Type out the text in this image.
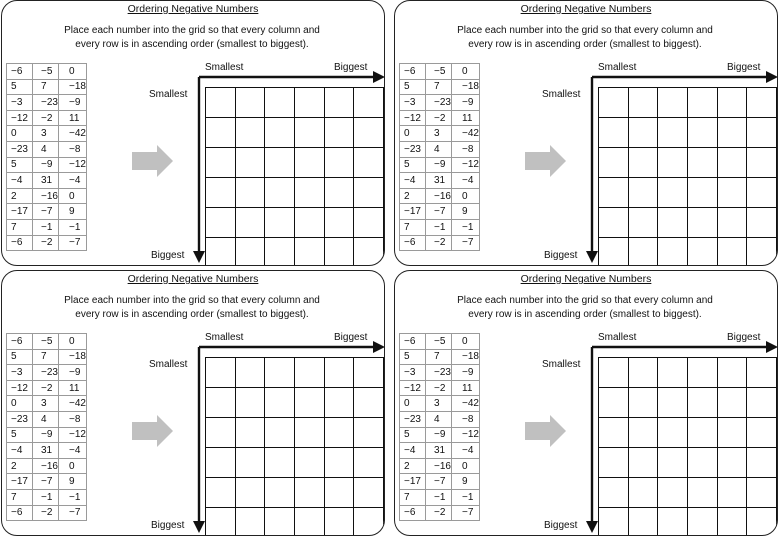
Ordering Negative Numbers
Place each number into the grid so that every column and
every row is in ascending order (smallest to biggest).
−6	−5	0
5	7	−18
−3	−23	−9
−12	−2	11
0	3	−42
−23	4	−8
5	−9	−12
−4	31	−4
2	−16	0
−17	−7	9
7	−1	−1
−6	−2	−7
Smallest	Biggest
Smallest
Biggest

Ordering Negative Numbers
Place each number into the grid so that every column and
every row is in ascending order (smallest to biggest).
−6	−5	0
5	7	−18
−3	−23	−9
−12	−2	11
0	3	−42
−23	4	−8
5	−9	−12
−4	31	−4
2	−16	0
−17	−7	9
7	−1	−1
−6	−2	−7
Smallest	Biggest
Smallest
Biggest

Ordering Negative Numbers
Place each number into the grid so that every column and
every row is in ascending order (smallest to biggest).
−6	−5	0
5	7	−18
−3	−23	−9
−12	−2	11
0	3	−42
−23	4	−8
5	−9	−12
−4	31	−4
2	−16	0
−17	−7	9
7	−1	−1
−6	−2	−7
Smallest	Biggest
Smallest
Biggest

Ordering Negative Numbers
Place each number into the grid so that every column and
every row is in ascending order (smallest to biggest).
−6	−5	0
5	7	−18
−3	−23	−9
−12	−2	11
0	3	−42
−23	4	−8
5	−9	−12
−4	31	−4
2	−16	0
−17	−7	9
7	−1	−1
−6	−2	−7
Smallest	Biggest
Smallest
Biggest
